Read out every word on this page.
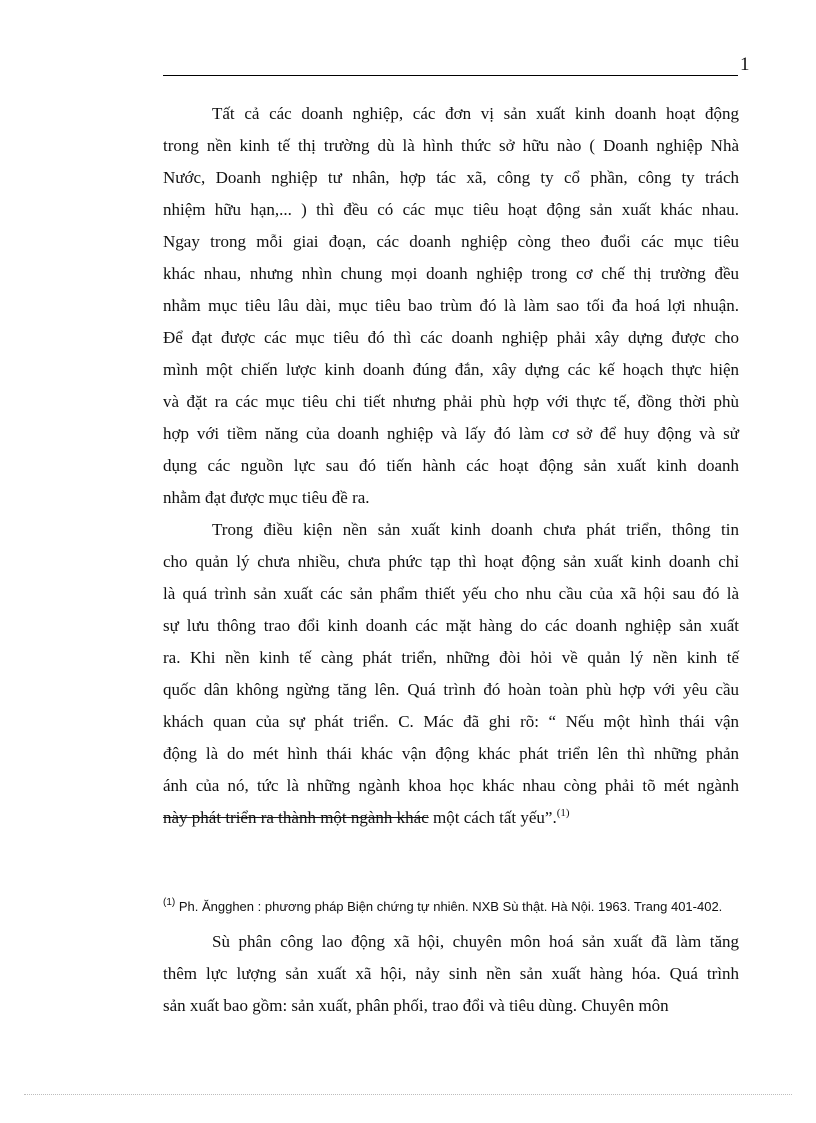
1
Tất cả các doanh nghiệp, các đơn vị sản xuất kinh doanh hoạt động
trong nền kinh tế thị trường dù là hình thức sở hữu nào ( Doanh nghiệp Nhà
Nước, Doanh nghiệp tư nhân, hợp tác xã, công ty cổ phần, công ty trách
nhiệm hữu hạn,... ) thì đều có các mục tiêu hoạt động sản xuất khác nhau.
Ngay trong mỗi giai đoạn, các doanh nghiệp còng theo đuổi các mục tiêu
khác nhau, nhưng nhìn chung mọi doanh nghiệp trong cơ chế thị trường đều
nhằm mục tiêu lâu dài, mục tiêu bao trùm đó là làm sao tối đa hoá lợi nhuận.
Để đạt được các mục tiêu đó thì các doanh nghiệp phải xây dựng được cho
mình một chiến lược kinh doanh đúng đắn, xây dựng các kế hoạch thực hiện
và đặt ra các mục tiêu chi tiết nhưng phải phù hợp với thực tế, đồng thời phù
hợp với tiềm năng của doanh nghiệp và lấy đó làm cơ sở để huy động và sử
dụng các nguồn lực sau đó tiến hành các hoạt động sản xuất kinh doanh
nhằm đạt được mục tiêu đề ra.
Trong điều kiện nền sản xuất kinh doanh chưa phát triển, thông tin
cho quản lý chưa nhiều, chưa phức tạp thì hoạt động sản xuất kinh doanh chỉ
là quá trình sản xuất các sản phẩm thiết yếu cho nhu cầu của xã hội sau đó là
sự lưu thông trao đổi kinh doanh các mặt hàng do các doanh nghiệp sản xuất
ra. Khi nền kinh tế càng phát triển, những đòi hỏi về quản lý nền kinh tế
quốc dân không ngừng tăng lên. Quá trình đó hoàn toàn phù hợp với yêu cầu
khách quan của sự phát triển. C. Mác đã ghi rõ: “ Nếu một hình thái vận
động là do mét hình thái khác vận động khác phát triển lên thì những phản
ánh của nó, tức là những ngành khoa học khác nhau còng phải tõ mét ngành
này phát triển ra thành một ngành khác một cách tất yếu”.$^{(1)}$
$^{(1)}$ Ph. Ăngghen : phương pháp Biện chứng tự nhiên. NXB Sù thật. Hà Nội. 1963. Trang 401-402.
Sù phân công lao động xã hội, chuyên môn hoá sản xuất đã làm tăng
thêm lực lượng sản xuất xã hội, nảy sinh nền sản xuất hàng hóa. Quá trình
sản xuất bao gồm: sản xuất, phân phối, trao đổi và tiêu dùng. Chuyên môn
